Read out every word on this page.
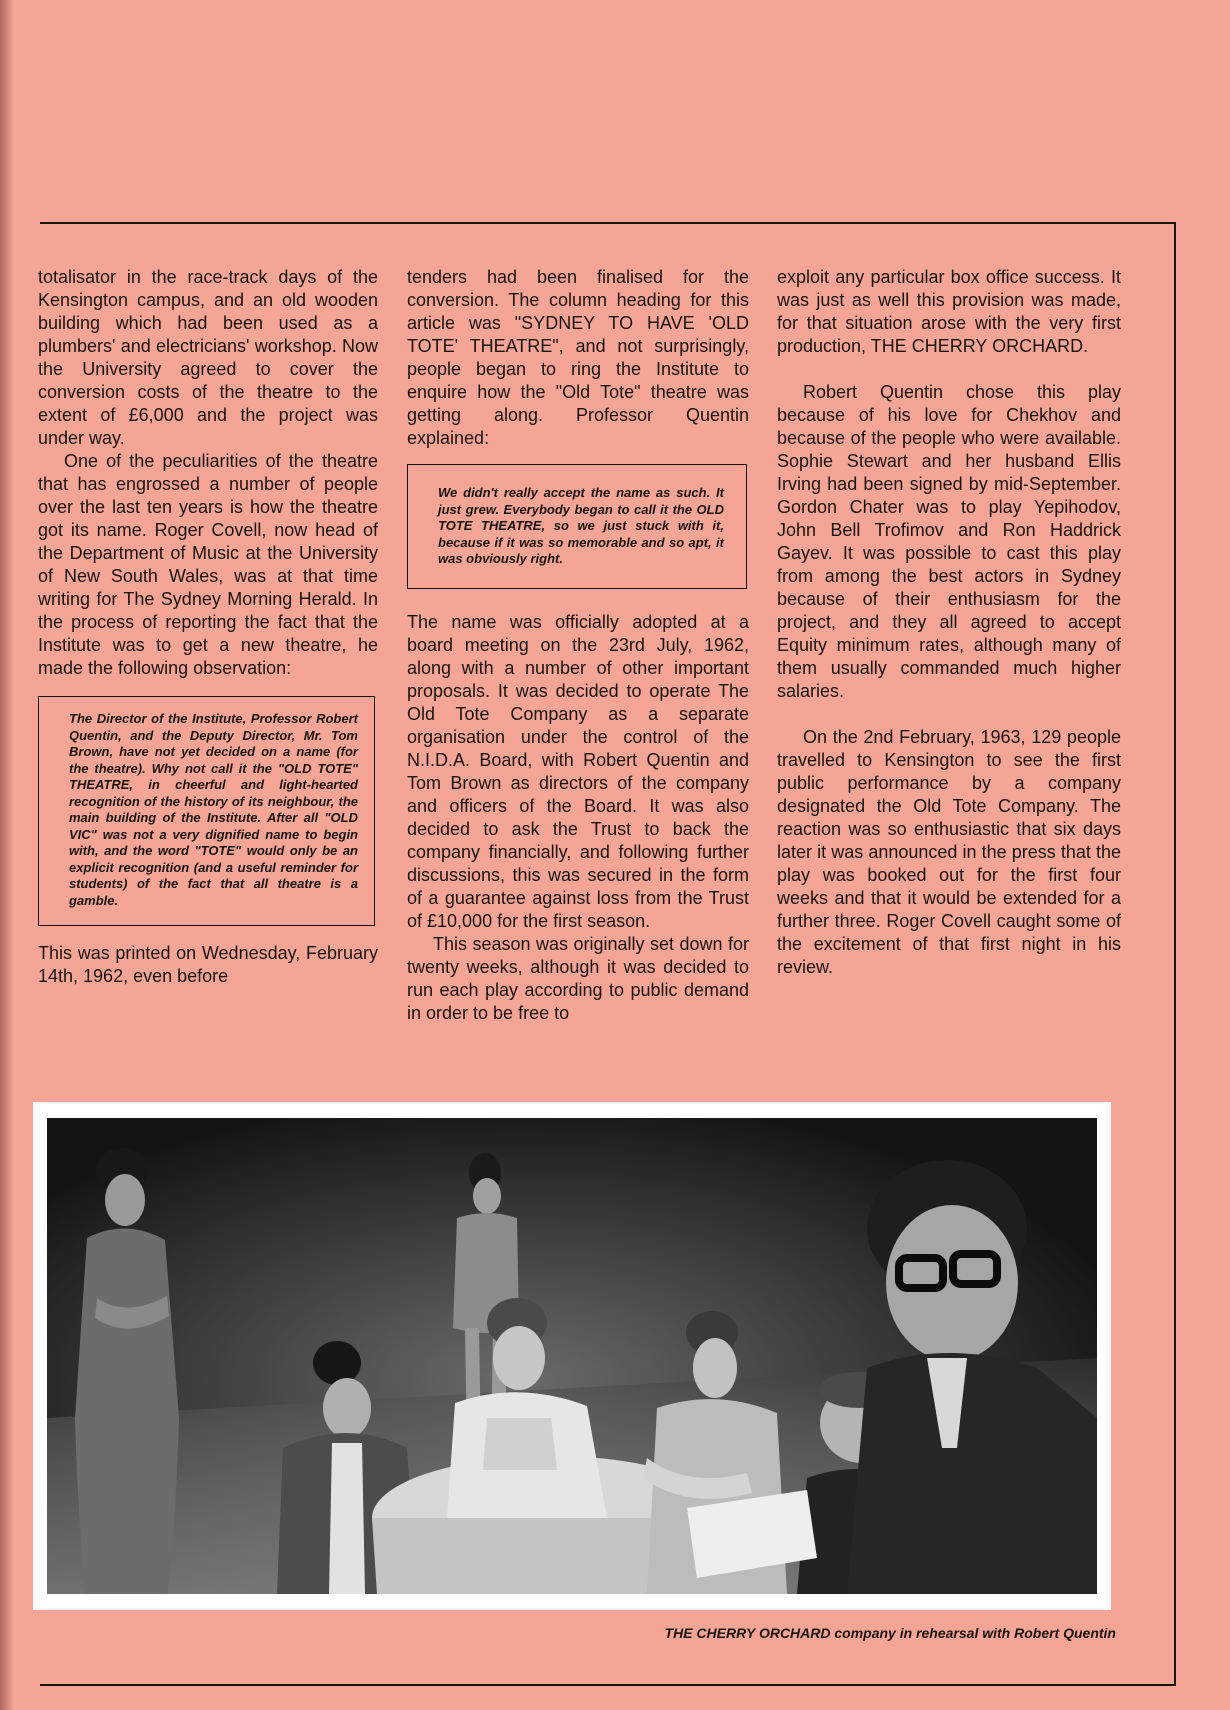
totalisator in the race-track days of the Kensington campus, and an old wooden building which had been used as a plumbers' and electricians' workshop. Now the University agreed to cover the conversion costs of the theatre to the extent of £6,000 and the project was under way.

One of the peculiarities of the theatre that has engrossed a number of people over the last ten years is how the theatre got its name. Roger Covell, now head of the Department of Music at the University of New South Wales, was at that time writing for The Sydney Morning Herald. In the process of reporting the fact that the Institute was to get a new theatre, he made the following observation:

The Director of the Institute, Professor Robert Quentin, and the Deputy Director, Mr. Tom Brown, have not yet decided on a name (for the theatre). Why not call it the "OLD TOTE" THEATRE, in cheerful and light-hearted recognition of the history of its neighbour, the main building of the Institute. After all "OLD VIC" was not a very dignified name to begin with, and the word "TOTE" would only be an explicit recognition (and a useful reminder for students) of the fact that all theatre is a gamble.

This was printed on Wednesday, February 14th, 1962, even before

tenders had been finalised for the conversion. The column heading for this article was "SYDNEY TO HAVE 'OLD TOTE' THEATRE", and not surprisingly, people began to ring the Institute to enquire how the "Old Tote" theatre was getting along. Professor Quentin explained:

We didn't really accept the name as such. It just grew. Everybody began to call it the OLD TOTE THEATRE, so we just stuck with it, because if it was so memorable and so apt, it was obviously right.

The name was officially adopted at a board meeting on the 23rd July, 1962, along with a number of other important proposals. It was decided to operate The Old Tote Company as a separate organisation under the control of the N.I.D.A. Board, with Robert Quentin and Tom Brown as directors of the company and officers of the Board. It was also decided to ask the Trust to back the company financially, and following further discussions, this was secured in the form of a guarantee against loss from the Trust of £10,000 for the first season.

This season was originally set down for twenty weeks, although it was decided to run each play according to public demand in order to be free to

exploit any particular box office success. It was just as well this provision was made, for that situation arose with the very first production, THE CHERRY ORCHARD.

Robert Quentin chose this play because of his love for Chekhov and because of the people who were available. Sophie Stewart and her husband Ellis Irving had been signed by mid-September. Gordon Chater was to play Yepihodov, John Bell Trofimov and Ron Haddrick Gayev. It was possible to cast this play from among the best actors in Sydney because of their enthusiasm for the project, and they all agreed to accept Equity minimum rates, although many of them usually commanded much higher salaries.

On the 2nd February, 1963, 129 people travelled to Kensington to see the first public performance by a company designated the Old Tote Company. The reaction was so enthusiastic that six days later it was announced in the press that the play was booked out for the first four weeks and that it would be extended for a further three. Roger Covell caught some of the excitement of that first night in his review.

THE CHERRY ORCHARD company in rehearsal with Robert Quentin
